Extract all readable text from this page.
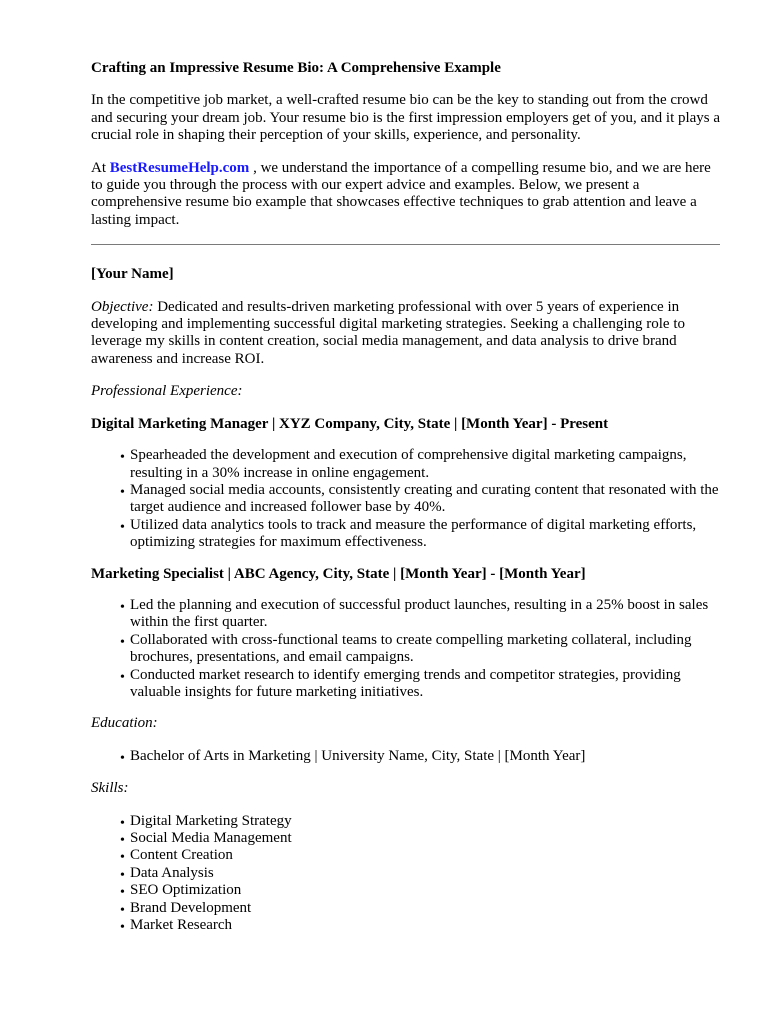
Crafting an Impressive Resume Bio: A Comprehensive Example

In the competitive job market, a well-crafted resume bio can be the key to standing out from the crowd and securing your dream job. Your resume bio is the first impression employers get of you, and it plays a crucial role in shaping their perception of your skills, experience, and personality.

At BestResumeHelp.com , we understand the importance of a compelling resume bio, and we are here to guide you through the process with our expert advice and examples. Below, we present a comprehensive resume bio example that showcases effective techniques to grab attention and leave a lasting impact.

[Your Name]

Objective: Dedicated and results-driven marketing professional with over 5 years of experience in developing and implementing successful digital marketing strategies. Seeking a challenging role to leverage my skills in content creation, social media management, and data analysis to drive brand awareness and increase ROI.

Professional Experience:

Digital Marketing Manager | XYZ Company, City, State | [Month Year] - Present

• Spearheaded the development and execution of comprehensive digital marketing campaigns, resulting in a 30% increase in online engagement.
• Managed social media accounts, consistently creating and curating content that resonated with the target audience and increased follower base by 40%.
• Utilized data analytics tools to track and measure the performance of digital marketing efforts, optimizing strategies for maximum effectiveness.

Marketing Specialist | ABC Agency, City, State | [Month Year] - [Month Year]

• Led the planning and execution of successful product launches, resulting in a 25% boost in sales within the first quarter.
• Collaborated with cross-functional teams to create compelling marketing collateral, including brochures, presentations, and email campaigns.
• Conducted market research to identify emerging trends and competitor strategies, providing valuable insights for future marketing initiatives.

Education:

• Bachelor of Arts in Marketing | University Name, City, State | [Month Year]

Skills:

• Digital Marketing Strategy
• Social Media Management
• Content Creation
• Data Analysis
• SEO Optimization
• Brand Development
• Market Research
